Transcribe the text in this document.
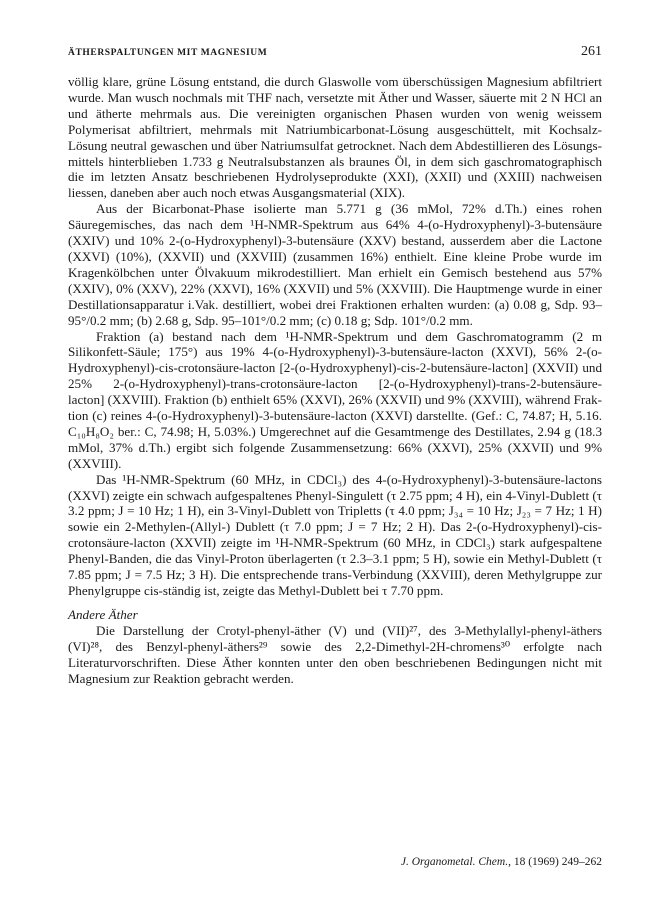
ÄTHERSPALTUNGEN MIT MAGNESIUM	261

völlig klare, grüne Lösung entstand, die durch Glaswolle vom überschüssigen Magnesium abfiltriert wurde. Man wusch nochmals mit THF nach, versetzte mit Äther und Wasser, säuerte mit 2 N HCl an und ätherte mehrmals aus. Die vereinigten organischen Phasen wurden von wenig weissem Polymerisat abfiltriert, mehrmals mit Natriumbicarbonat-Lösung ausgeschüttelt, mit Kochsalz-Lösung neutral gewaschen und über Natriumsulfat getrocknet. Nach dem Abdestillieren des Lösungsmittels hinterblieben 1.733 g Neutralsubstanzen als braunes Öl, in dem sich gaschromatographisch die im letzten Ansatz beschriebenen Hydrolyseprodukte (XXI), (XXII) und (XXIII) nachweisen liessen, daneben aber auch noch etwas Ausgangsmaterial (XIX).

Aus der Bicarbonat-Phase isolierte man 5.771 g (36 mMol, 72% d.Th.) eines rohen Säuregemisches, das nach dem ¹H-NMR-Spektrum aus 64% 4-(o-Hydroxyphenyl)-3-butensäure (XXIV) und 10% 2-(o-Hydroxyphenyl)-3-butensäure (XXV) bestand, ausserdem aber die Lactone (XXVI) (10%), (XXVII) und (XXVIII) (zusammen 16%) enthielt. Eine kleine Probe wurde im Kragenkölbchen unter Ölvakuum mikrodestilliert. Man erhielt ein Gemisch bestehend aus 57% (XXIV), 0% (XXV), 22% (XXVI), 16% (XXVII) und 5% (XXVIII). Die Hauptmenge wurde in einer Destillationsapparatur i.Vak. destilliert, wobei drei Fraktionen erhalten wurden: (a) 0.08 g, Sdp. 93–95°/0.2 mm; (b) 2.68 g, Sdp. 95–101°/0.2 mm; (c) 0.18 g; Sdp. 101°/0.2 mm.

Fraktion (a) bestand nach dem ¹H-NMR-Spektrum und dem Gaschromatogramm (2 m Silikonfett-Säule; 175°) aus 19% 4-(o-Hydroxyphenyl)-3-butensäure-lacton (XXVI), 56% 2-(o-Hydroxyphenyl)-cis-crotonsäure-lacton [2-(o-Hydroxyphenyl)-cis-2-butensäure-lacton] (XXVII) und 25% 2-(o-Hydroxyphenyl)-trans-crotonsäure-lacton [2-(o-Hydroxyphenyl)-trans-2-butensäure-lacton] (XXVIII). Fraktion (b) enthielt 65% (XXVI), 26% (XXVII) und 9% (XXVIII), während Fraktion (c) reines 4-(o-Hydroxyphenyl)-3-butensäure-lacton (XXVI) darstellte. (Gef.: C, 74.87; H, 5.16. C₁₀H₈O₂ ber.: C, 74.98; H, 5.03%.) Umgerechnet auf die Gesamtmenge des Destillates, 2.94 g (18.3 mMol, 37% d.Th.) ergibt sich folgende Zusammensetzung: 66% (XXVI), 25% (XXVII) und 9% (XXVIII).

Das ¹H-NMR-Spektrum (60 MHz, in CDCl₃) des 4-(o-Hydroxyphenyl)-3-butensäure-lactons (XXVI) zeigte ein schwach aufgespaltenes Phenyl-Singulett (τ 2.75 ppm; 4 H), ein 4-Vinyl-Dublett (τ 3.2 ppm; J = 10 Hz; 1 H), ein 3-Vinyl-Dublett von Tripletts (τ 4.0 ppm; J₃₄ = 10 Hz; J₂₃ = 7 Hz; 1 H) sowie ein 2-Methylen-(Allyl-) Dublett (τ 7.0 ppm; J = 7 Hz; 2 H). Das 2-(o-Hydroxyphenyl)-cis-crotonsäure-lacton (XXVII) zeigte im ¹H-NMR-Spektrum (60 MHz, in CDCl₃) stark aufgespaltene Phenyl-Banden, die das Vinyl-Proton überlagerten (τ 2.3–3.1 ppm; 5 H), sowie ein Methyl-Dublett (τ 7.85 ppm; J = 7.5 Hz; 3 H). Die entsprechende trans-Verbindung (XXVIII), deren Methylgruppe zur Phenylgruppe cis-ständig ist, zeigte das Methyl-Dublett bei τ 7.70 ppm.

Andere Äther

Die Darstellung der Crotyl-phenyl-äther (V) und (VII)²⁷, des 3-Methylallyl-phenyl-äthers (VI)²⁸, des Benzyl-phenyl-äthers²⁹ sowie des 2,2-Dimethyl-2H-chromens³⁰ erfolgte nach Literaturvorschriften. Diese Äther konnten unter den oben beschriebenen Bedingungen nicht mit Magnesium zur Reaktion gebracht werden.

J. Organometal. Chem., 18 (1969) 249–262
